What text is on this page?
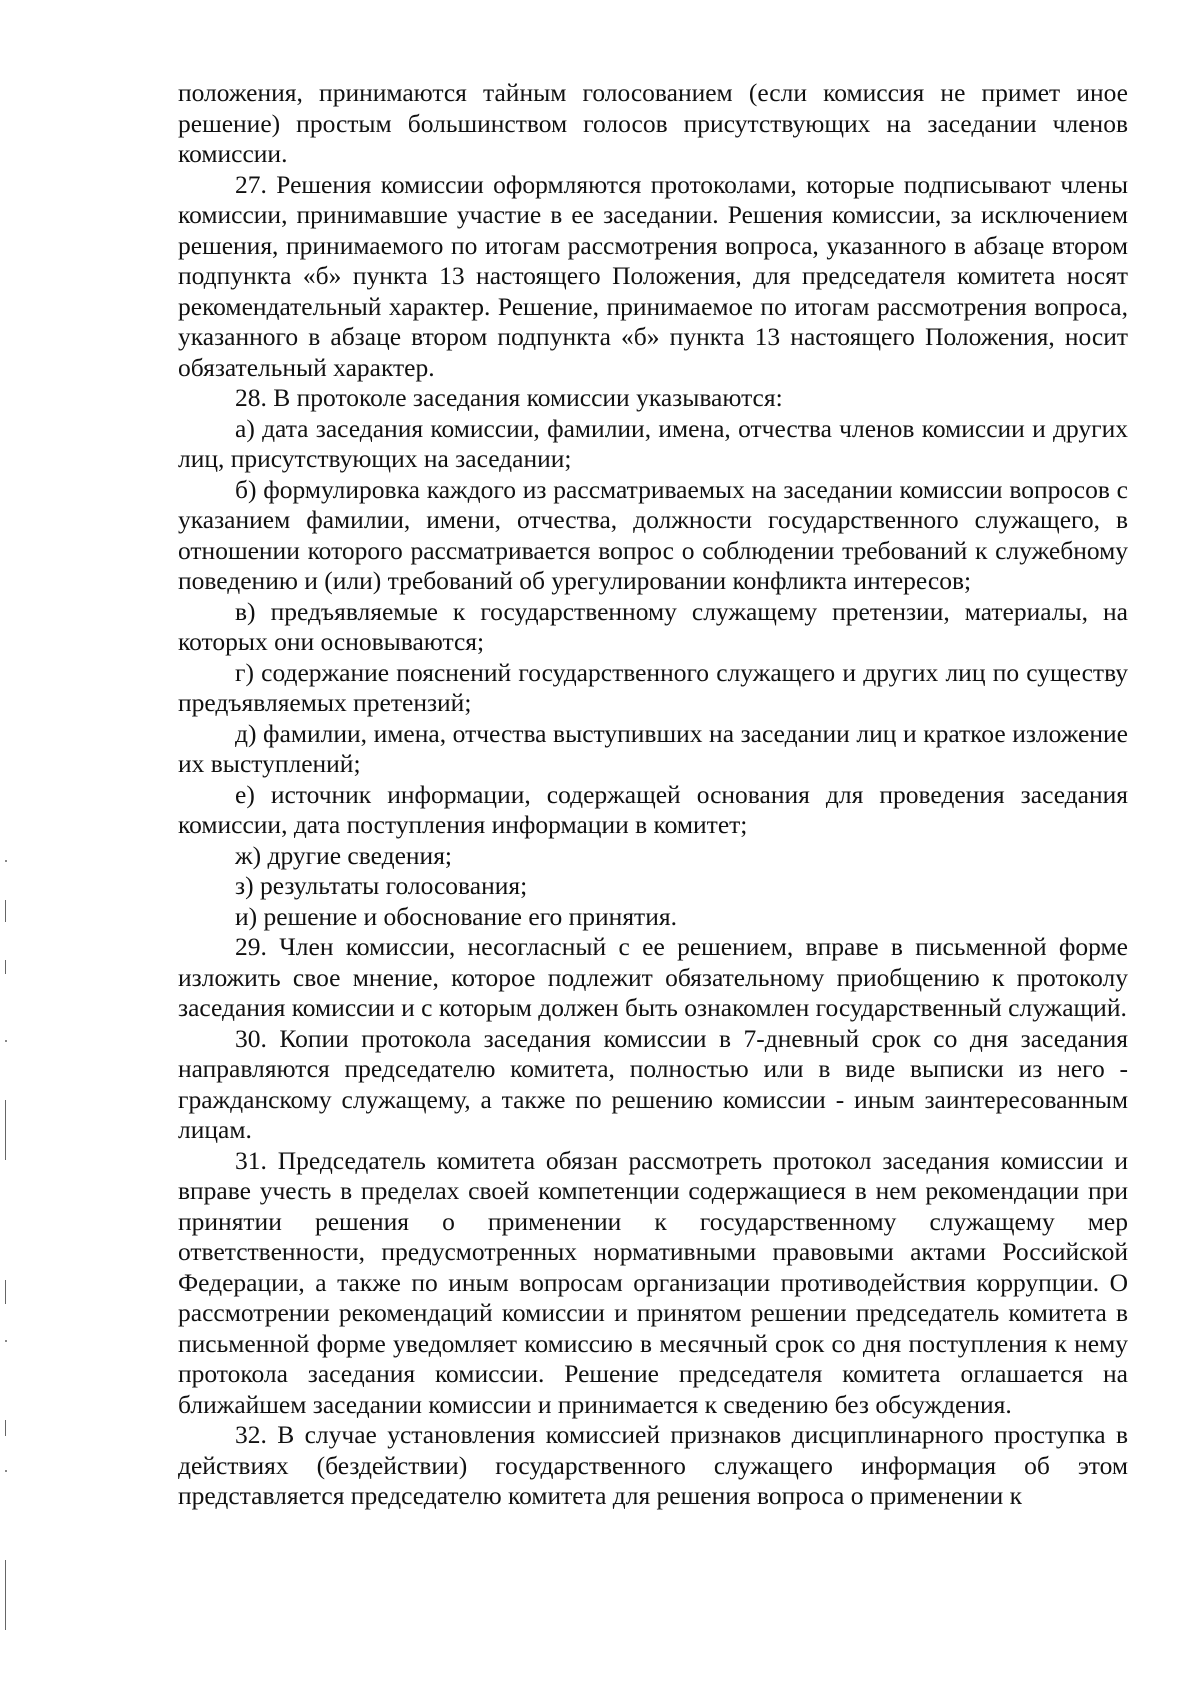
положения, принимаются тайным голосованием (если комиссия не примет иное решение) простым большинством голосов присутствующих на заседании членов комиссии.

27. Решения комиссии оформляются протоколами, которые подписывают члены комиссии, принимавшие участие в ее заседании. Решения комиссии, за исключением решения, принимаемого по итогам рассмотрения вопроса, указанного в абзаце втором подпункта «б» пункта 13 настоящего Положения, для председателя комитета носят рекомендательный характер. Решение, принимаемое по итогам рассмотрения вопроса, указанного в абзаце втором подпункта «б» пункта 13 настоящего Положения, носит обязательный характер.

28. В протоколе заседания комиссии указываются:

а) дата заседания комиссии, фамилии, имена, отчества членов комиссии и других лиц, присутствующих на заседании;

б) формулировка каждого из рассматриваемых на заседании комиссии вопросов с указанием фамилии, имени, отчества, должности государственного служащего, в отношении которого рассматривается вопрос о соблюдении требований к служебному поведению и (или) требований об урегулировании конфликта интересов;

в) предъявляемые к государственному служащему претензии, материалы, на которых они основываются;

г) содержание пояснений государственного служащего и других лиц по существу предъявляемых претензий;

д) фамилии, имена, отчества выступивших на заседании лиц и краткое изложение их выступлений;

е) источник информации, содержащей основания для проведения заседания комиссии, дата поступления информации в комитет;

ж) другие сведения;

з) результаты голосования;

и) решение и обоснование его принятия.

29. Член комиссии, несогласный с ее решением, вправе в письменной форме изложить свое мнение, которое подлежит обязательному приобщению к протоколу заседания комиссии и с которым должен быть ознакомлен государственный служащий.

30. Копии протокола заседания комиссии в 7-дневный срок со дня заседания направляются председателю комитета, полностью или в виде выписки из него - гражданскому служащему, а также по решению комиссии - иным заинтересованным лицам.

31. Председатель комитета обязан рассмотреть протокол заседания комиссии и вправе учесть в пределах своей компетенции содержащиеся в нем рекомендации при принятии решения о применении к государственному служащему мер ответственности, предусмотренных нормативными правовыми актами Российской Федерации, а также по иным вопросам организации противодействия коррупции. О рассмотрении рекомендаций комиссии и принятом решении председатель комитета в письменной форме уведомляет комиссию в месячный срок со дня поступления к нему протокола заседания комиссии. Решение председателя комитета оглашается на ближайшем заседании комиссии и принимается к сведению без обсуждения.

32. В случае установления комиссией признаков дисциплинарного проступка в действиях (бездействии) государственного служащего информация об этом представляется председателю комитета для решения вопроса о применении к
